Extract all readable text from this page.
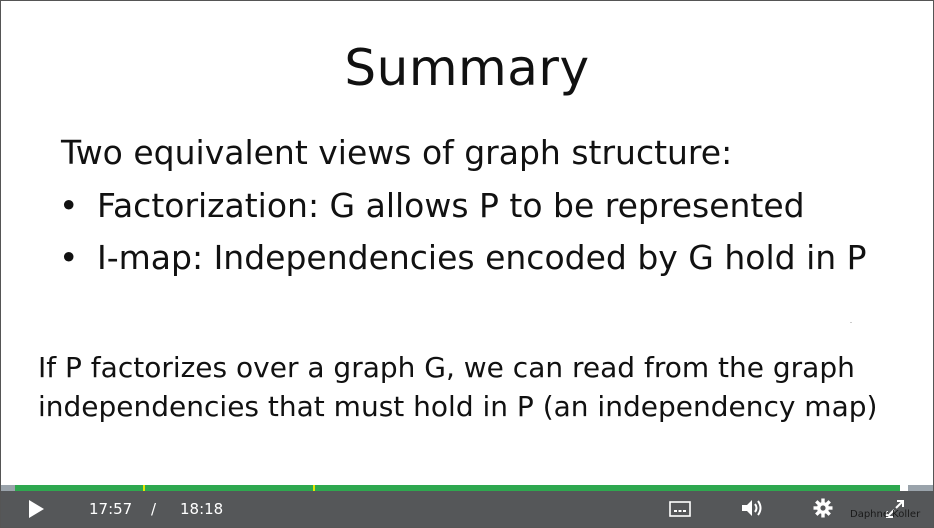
Summary
Two equivalent views of graph structure:
• Factorization: G allows P to be represented
• I-map: Independencies encoded by G hold in P
If P factorizes over a graph G, we can read from the graph
independencies that must hold in P (an independency map)
17:57 / 18:18	Daphne Koller
